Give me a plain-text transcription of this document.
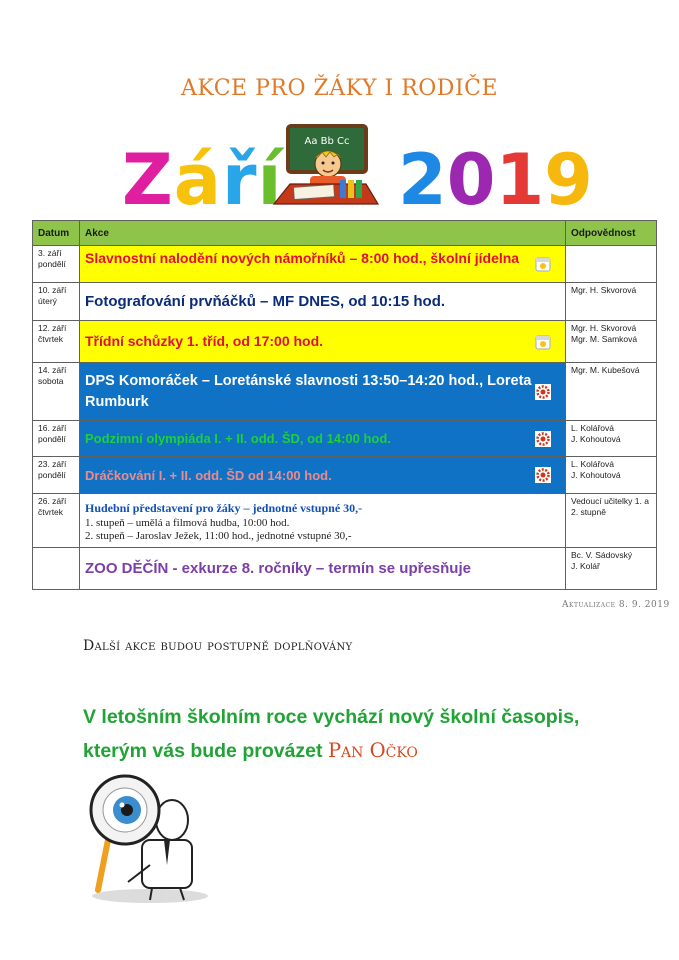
AKCE PRO ŽÁKY I RODIČE
Září Aa Bb Cc 2019
Datum	Akce	Odpovědnost
3. září pondělí	Slavnostní nalodění nových námořníků – 8:00 hod., školní jídelna	

10. září úterý	Fotografování prvňáčků – MF DNES, od 10:15 hod.	Mgr. H. Skvorová

12. září čtvrtek	Třídní schůzky 1. tříd, od 17:00 hod.	Mgr. H. Skvorová
Mgr. M. Samková

14. září sobota	DPS Komoráček – Loretánské slavnosti 13:50–14:20 hod., Loreta Rumburk	Mgr. M. Kubešová

16. září pondělí	Podzimní olympiáda I. + II. odd. ŠD, od 14:00 hod.	L. Kolářová
J. Kohoutová

23. září pondělí	Dráčkování I. + II. odd. ŠD od 14:00 hod.	L. Kolářová
J. Kohoutová

26. září čtvrtek	Hudební představení pro žáky – jednotné vstupné 30,-
1. stupeň – umělá a filmová hudba, 10:00 hod.
2. stupeň – Jaroslav Ježek, 11:00 hod., jednotné vstupné 30,-	Vedoucí učitelky 1. a 2. stupně

	ZOO DĚČÍN - exkurze 8. ročníky – termín se upřesňuje	Bc. V. Sádovský
J. Kolář
Aktualizace 8. 9. 2019
Další akce budou postupně doplňovány
V letošním školním roce vychází nový školní časopis, kterým vás bude provázet Pan Očko
